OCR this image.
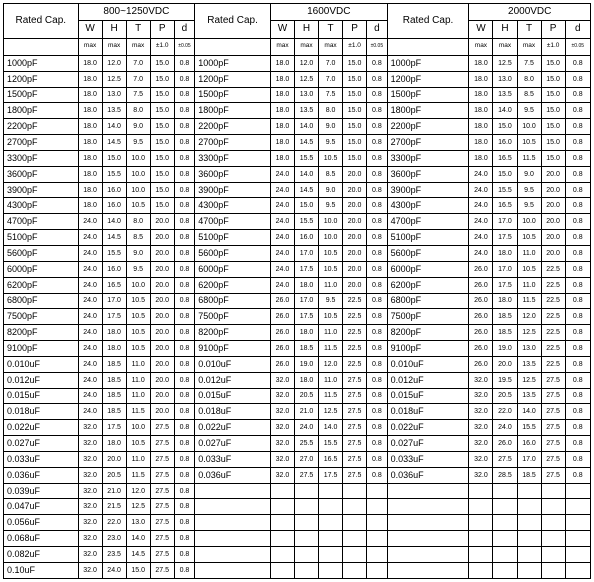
Rated Cap.	800~1250VDC					Rated Cap.	1600VDC					Rated Cap.	2000VDC				
	W	H	T	P	d		W	H	T	P	d		W	H	T	P	d
	max	max	max	±1.0	±0.05		max	max	max	±1.0	±0.05		max	max	max	±1.0	±0.05
1000pF	18.0	12.0	7.0	15.0	0.8	1000pF	18.0	12.0	7.0	15.0	0.8	1000pF	18.0	12.5	7.5	15.0	0.8
1200pF	18.0	12.5	7.0	15.0	0.8	1200pF	18.0	12.5	7.0	15.0	0.8	1200pF	18.0	13.0	8.0	15.0	0.8
1500pF	18.0	13.0	7.5	15.0	0.8	1500pF	18.0	13.0	7.5	15.0	0.8	1500pF	18.0	13.5	8.5	15.0	0.8
1800pF	18.0	13.5	8.0	15.0	0.8	1800pF	18.0	13.5	8.0	15.0	0.8	1800pF	18.0	14.0	9.5	15.0	0.8
2200pF	18.0	14.0	9.0	15.0	0.8	2200pF	18.0	14.0	9.0	15.0	0.8	2200pF	18.0	15.0	10.0	15.0	0.8
2700pF	18.0	14.5	9.5	15.0	0.8	2700pF	18.0	14.5	9.5	15.0	0.8	2700pF	18.0	16.0	10.5	15.0	0.8
3300pF	18.0	15.0	10.0	15.0	0.8	3300pF	18.0	15.5	10.5	15.0	0.8	3300pF	18.0	16.5	11.5	15.0	0.8
3600pF	18.0	15.5	10.0	15.0	0.8	3600pF	24.0	14.0	8.5	20.0	0.8	3600pF	24.0	15.0	9.0	20.0	0.8
3900pF	18.0	16.0	10.0	15.0	0.8	3900pF	24.0	14.5	9.0	20.0	0.8	3900pF	24.0	15.5	9.5	20.0	0.8
4300pF	18.0	16.0	10.5	15.0	0.8	4300pF	24.0	15.0	9.5	20.0	0.8	4300pF	24.0	16.5	9.5	20.0	0.8
4700pF	24.0	14.0	8.0	20.0	0.8	4700pF	24.0	15.5	10.0	20.0	0.8	4700pF	24.0	17.0	10.0	20.0	0.8
5100pF	24.0	14.5	8.5	20.0	0.8	5100pF	24.0	16.0	10.0	20.0	0.8	5100pF	24.0	17.5	10.5	20.0	0.8
5600pF	24.0	15.5	9.0	20.0	0.8	5600pF	24.0	17.0	10.5	20.0	0.8	5600pF	24.0	18.0	11.0	20.0	0.8
6000pF	24.0	16.0	9.5	20.0	0.8	6000pF	24.0	17.5	10.5	20.0	0.8	6000pF	26.0	17.0	10.5	22.5	0.8
6200pF	24.0	16.5	10.0	20.0	0.8	6200pF	24.0	18.0	11.0	20.0	0.8	6200pF	26.0	17.5	11.0	22.5	0.8
6800pF	24.0	17.0	10.5	20.0	0.8	6800pF	26.0	17.0	9.5	22.5	0.8	6800pF	26.0	18.0	11.5	22.5	0.8
7500pF	24.0	17.5	10.5	20.0	0.8	7500pF	26.0	17.5	10.5	22.5	0.8	7500pF	26.0	18.5	12.0	22.5	0.8
8200pF	24.0	18.0	10.5	20.0	0.8	8200pF	26.0	18.0	11.0	22.5	0.8	8200pF	26.0	18.5	12.5	22.5	0.8
9100pF	24.0	18.0	10.5	20.0	0.8	9100pF	26.0	18.5	11.5	22.5	0.8	9100pF	26.0	19.0	13.0	22.5	0.8
0.010uF	24.0	18.5	11.0	20.0	0.8	0.010uF	26.0	19.0	12.0	22.5	0.8	0.010uF	26.0	20.0	13.5	22.5	0.8
0.012uF	24.0	18.5	11.0	20.0	0.8	0.012uF	32.0	18.0	11.0	27.5	0.8	0.012uF	32.0	19.5	12.5	27.5	0.8
0.015uF	24.0	18.5	11.0	20.0	0.8	0.015uF	32.0	20.5	11.5	27.5	0.8	0.015uF	32.0	20.5	13.5	27.5	0.8
0.018uF	24.0	18.5	11.5	20.0	0.8	0.018uF	32.0	21.0	12.5	27.5	0.8	0.018uF	32.0	22.0	14.0	27.5	0.8
0.022uF	32.0	17.5	10.0	27.5	0.8	0.022uF	32.0	24.0	14.0	27.5	0.8	0.022uF	32.0	24.0	15.5	27.5	0.8
0.027uF	32.0	18.0	10.5	27.5	0.8	0.027uF	32.0	25.5	15.5	27.5	0.8	0.027uF	32.0	26.0	16.0	27.5	0.8
0.033uF	32.0	20.0	11.0	27.5	0.8	0.033uF	32.0	27.0	16.5	27.5	0.8	0.033uF	32.0	27.5	17.0	27.5	0.8
0.036uF	32.0	20.5	11.5	27.5	0.8	0.036uF	32.0	27.5	17.5	27.5	0.8	0.036uF	32.0	28.5	18.5	27.5	0.8
0.039uF	32.0	21.0	12.0	27.5	0.8												
0.047uF	32.0	21.5	12.5	27.5	0.8												
0.056uF	32.0	22.0	13.0	27.5	0.8												
0.068uF	32.0	23.0	14.0	27.5	0.8												
0.082uF	32.0	23.5	14.5	27.5	0.8												
0.10uF	32.0	24.0	15.0	27.5	0.8												
